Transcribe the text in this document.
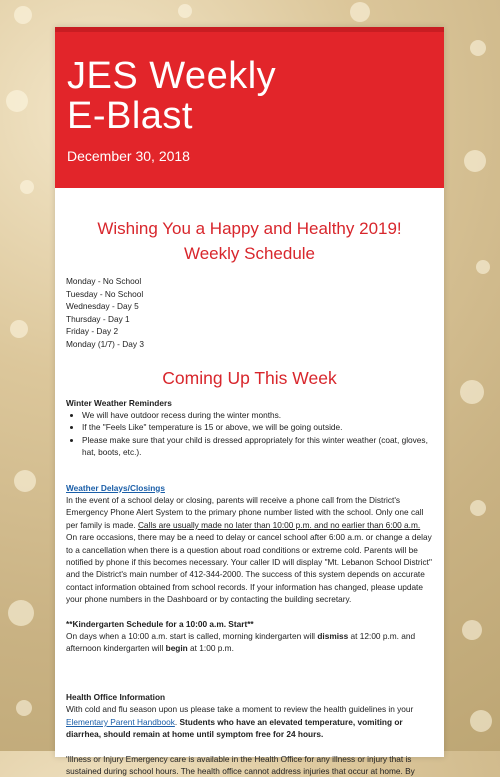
JES Weekly
E-Blast
December 30, 2018

Wishing You a Happy and Healthy 2019!

Weekly Schedule

Monday - No School
Tuesday - No School
Wednesday - Day 5
Thursday - Day 1
Friday - Day 2
Monday (1/7) - Day 3

Coming Up This Week

Winter Weather Reminders
• We will have outdoor recess during the winter months.
• If the "Feels Like" temperature is 15 or above, we will be going outside.
• Please make sure that your child is dressed appropriately for this winter weather (coat, gloves, hat, boots, etc.).
Weather Delays/Closings
In the event of a school delay or closing, parents will receive a phone call from the District's Emergency Phone Alert System to the primary phone number listed with the school. Only one call per family is made. Calls are usually made no later than 10:00 p.m. and no earlier than 6:00 a.m. On rare occasions, there may be a need to delay or cancel school after 6:00 a.m. or change a delay to a cancellation when there is a question about road conditions or extreme cold. Parents will be notified by phone if this becomes necessary. Your caller ID will display "Mt. Lebanon School District" and the District's main number of 412-344-2000. The success of this system depends on accurate contact information obtained from school records. If your information has changed, please update your phone numbers in the Dashboard or by contacting the building secretary.
**Kindergarten Schedule for a 10:00 a.m. Start**
On days when a 10:00 a.m. start is called, morning kindergarten will dismiss at 12:00 p.m. and afternoon kindergarten will begin at 1:00 p.m.
Health Office Information
With cold and flu season upon us please take a moment to review the health guidelines in your Elementary Parent Handbook. Students who have an elevated temperature, vomiting or diarrhea, should remain at home until symptom free for 24 hours.
'Illness or Injury Emergency care is available in the Health Office for any illness or injury that is sustained during school hours. The health office cannot address injuries that occur at home. By
